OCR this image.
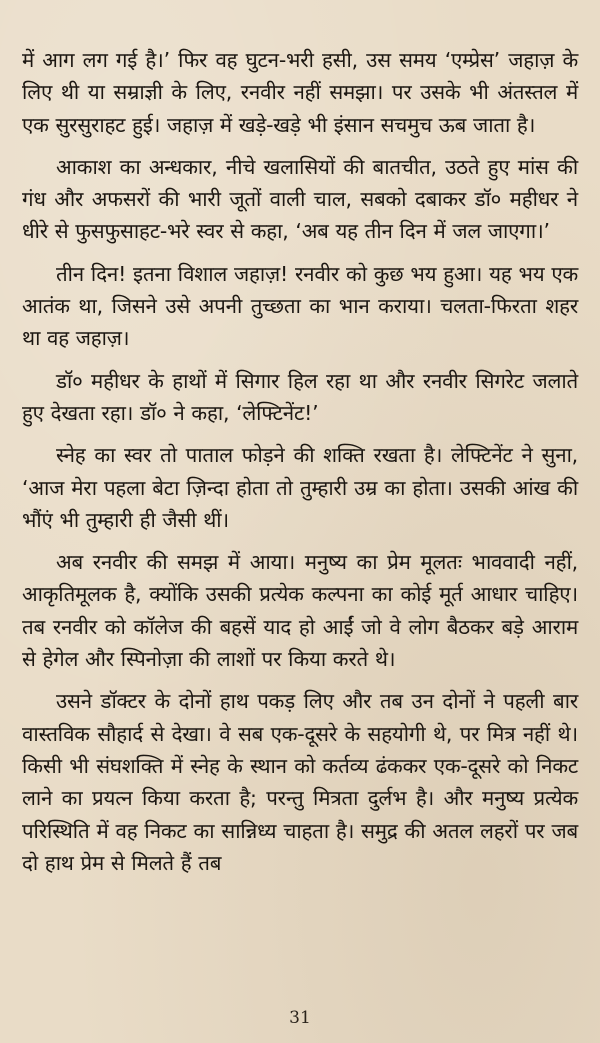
में आग लग गई है।’ फिर वह घुटन-भरी हसी, उस समय ‘एम्प्रेस’ जहाज़ के लिए थी या सम्राज्ञी के लिए, रनवीर नहीं समझा। पर उसके भी अंतस्तल में एक सुरसुराहट हुई। जहाज़ में खड़े-खड़े भी इंसान सचमुच ऊब जाता है।

आकाश का अन्धकार, नीचे खलासियों की बातचीत, उठते हुए मांस की गंध और अफसरों की भारी जूतों वाली चाल, सबको दबाकर डॉ० महीधर ने धीरे से फुसफुसाहट-भरे स्वर से कहा, ‘अब यह तीन दिन में जल जाएगा।’

तीन दिन! इतना विशाल जहाज़! रनवीर को कुछ भय हुआ। यह भय एक आतंक था, जिसने उसे अपनी तुच्छता का भान कराया। चलता-फिरता शहर था वह जहाज़।

डॉ० महीधर के हाथों में सिगार हिल रहा था और रनवीर सिगरेट जलाते हुए देखता रहा। डॉ० ने कहा, ‘लेफ्टिनेंट!’

स्नेह का स्वर तो पाताल फोड़ने की शक्ति रखता है। लेफ्टिनेंट ने सुना, ‘आज मेरा पहला बेटा ज़िन्दा होता तो तुम्हारी उम्र का होता। उसकी आंख की भौंएं भी तुम्हारी ही जैसी थीं।

अब रनवीर की समझ में आया। मनुष्य का प्रेम मूलतः भाववादी नहीं, आकृतिमूलक है, क्योंकि उसकी प्रत्येक कल्पना का कोई मूर्त आधार चाहिए। तब रनवीर को कॉलेज की बहसें याद हो आईं जो वे लोग बैठकर बड़े आराम से हेगेल और स्पिनोज़ा की लाशों पर किया करते थे।

उसने डॉक्टर के दोनों हाथ पकड़ लिए और तब उन दोनों ने पहली बार वास्तविक सौहार्द से देखा। वे सब एक-दूसरे के सहयोगी थे, पर मित्र नहीं थे। किसी भी संघशक्ति में स्नेह के स्थान को कर्तव्य ढंककर एक-दूसरे को निकट लाने का प्रयत्न किया करता है; परन्तु मित्रता दुर्लभ है। और मनुष्य प्रत्येक परिस्थिति में वह निकट का सान्निध्य चाहता है। समुद्र की अतल लहरों पर जब दो हाथ प्रेम से मिलते हैं तब

31
